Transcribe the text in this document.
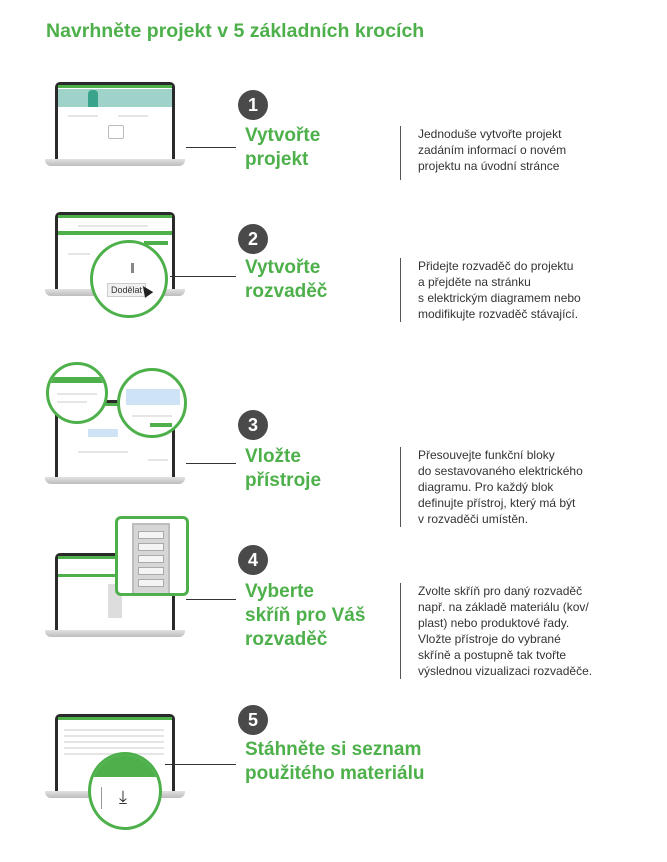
Navrhněte projekt v 5 základních krocích
1
Vytvořte
projekt

Jednoduše vytvořte projekt
zadáním informací o novém
projektu na úvodní stránce

Dodělat
2
Vytvořte
rozvaděč

Přidejte rozvaděč do projektu
a přejděte na stránku
s elektrickým diagramem nebo
modifikujte rozvaděč stávající.

3
Vložte
přístroje

Přesouvejte funkční bloky
do sestavovaného elektrického
diagramu. Pro každý blok
definujte přístroj, který má být
v rozvaděči umístěn.

4
Vyberte
skříň pro Váš
rozvaděč

Zvolte skříň pro daný rozvaděč
např. na základě materiálu (kov/
plast) nebo produktové řady.
Vložte přístroje do vybrané
skříně a postupně tak tvořte
výslednou vizualizaci rozvaděče.

⤓
5
Stáhněte si seznam
použitého materiálu
